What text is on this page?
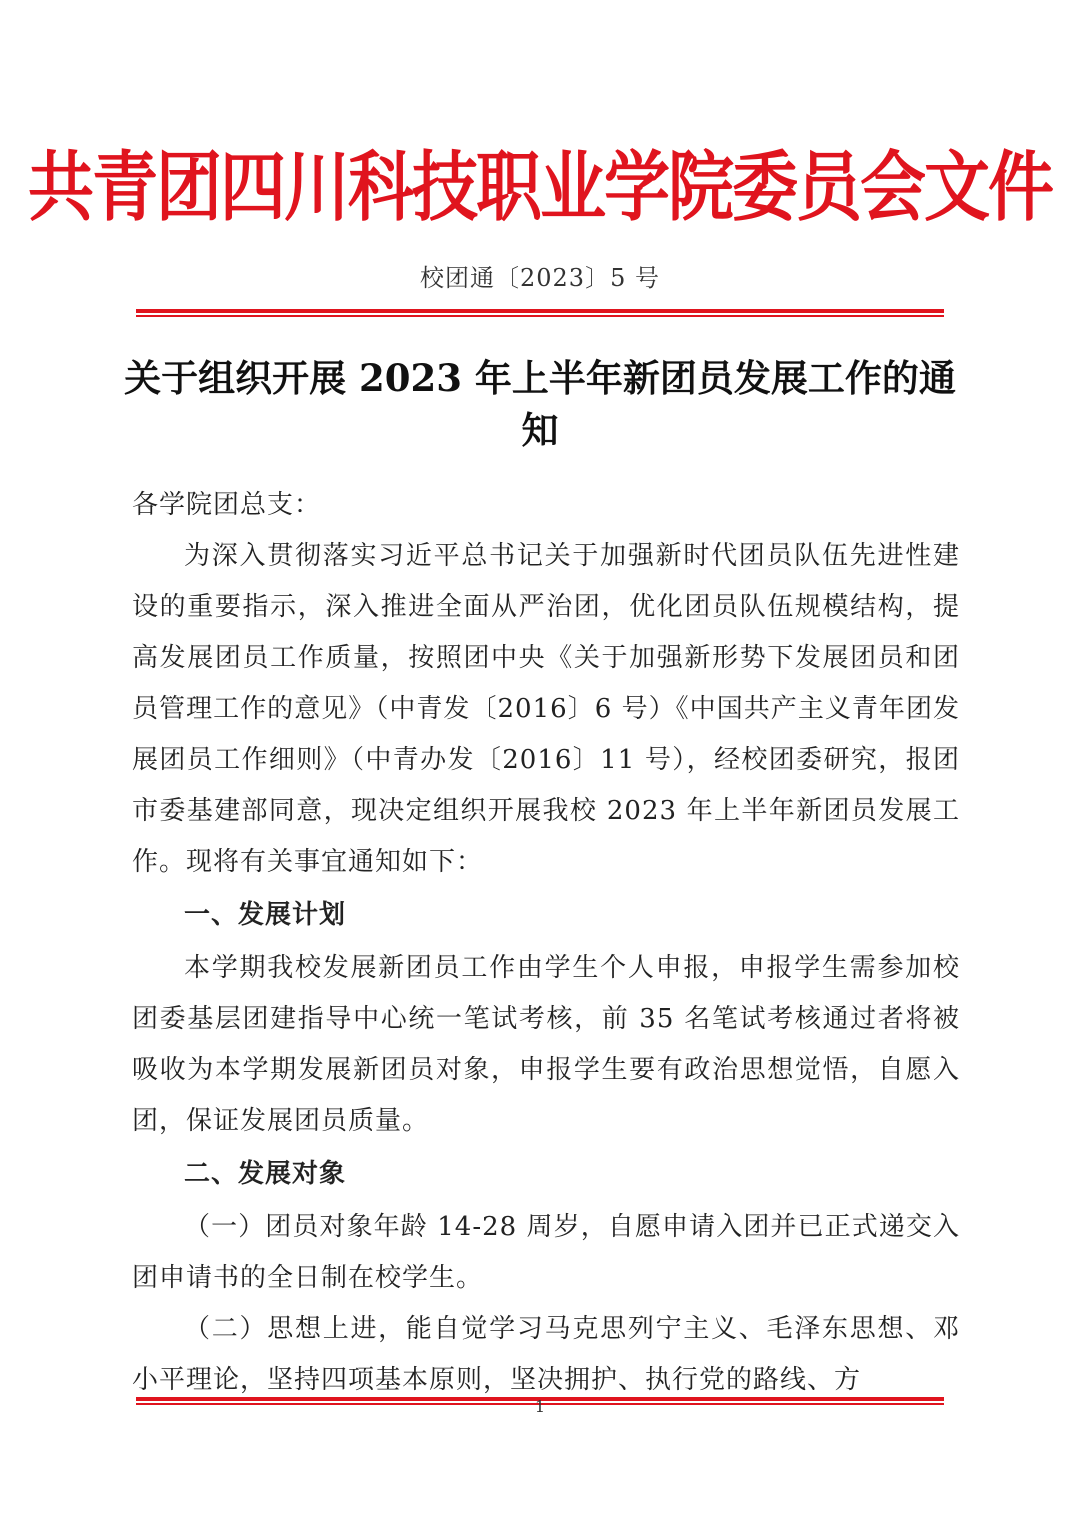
共青团四川科技职业学院委员会文件
校团通〔2023〕5 号
关于组织开展 2023 年上半年新团员发展工作的通知

各学院团总支：

为深入贯彻落实习近平总书记关于加强新时代团员队伍先进性建设的重要指示，深入推进全面从严治团，优化团员队伍规模结构，提高发展团员工作质量，按照团中央《关于加强新形势下发展团员和团员管理工作的意见》（中青发〔2016〕6 号）《中国共产主义青年团发展团员工作细则》（中青办发〔2016〕11 号），经校团委研究，报团市委基建部同意，现决定组织开展我校 2023 年上半年新团员发展工作。现将有关事宜通知如下：

一、发展计划

本学期我校发展新团员工作由学生个人申报，申报学生需参加校团委基层团建指导中心统一笔试考核，前 35 名笔试考核通过者将被吸收为本学期发展新团员对象，申报学生要有政治思想觉悟，自愿入团，保证发展团员质量。

二、发展对象

（一）团员对象年龄 14-28 周岁，自愿申请入团并已正式递交入团申请书的全日制在校学生。

（二）思想上进，能自觉学习马克思列宁主义、毛泽东思想、邓小平理论，坚持四项基本原则，坚决拥护、执行党的路线、方

1
